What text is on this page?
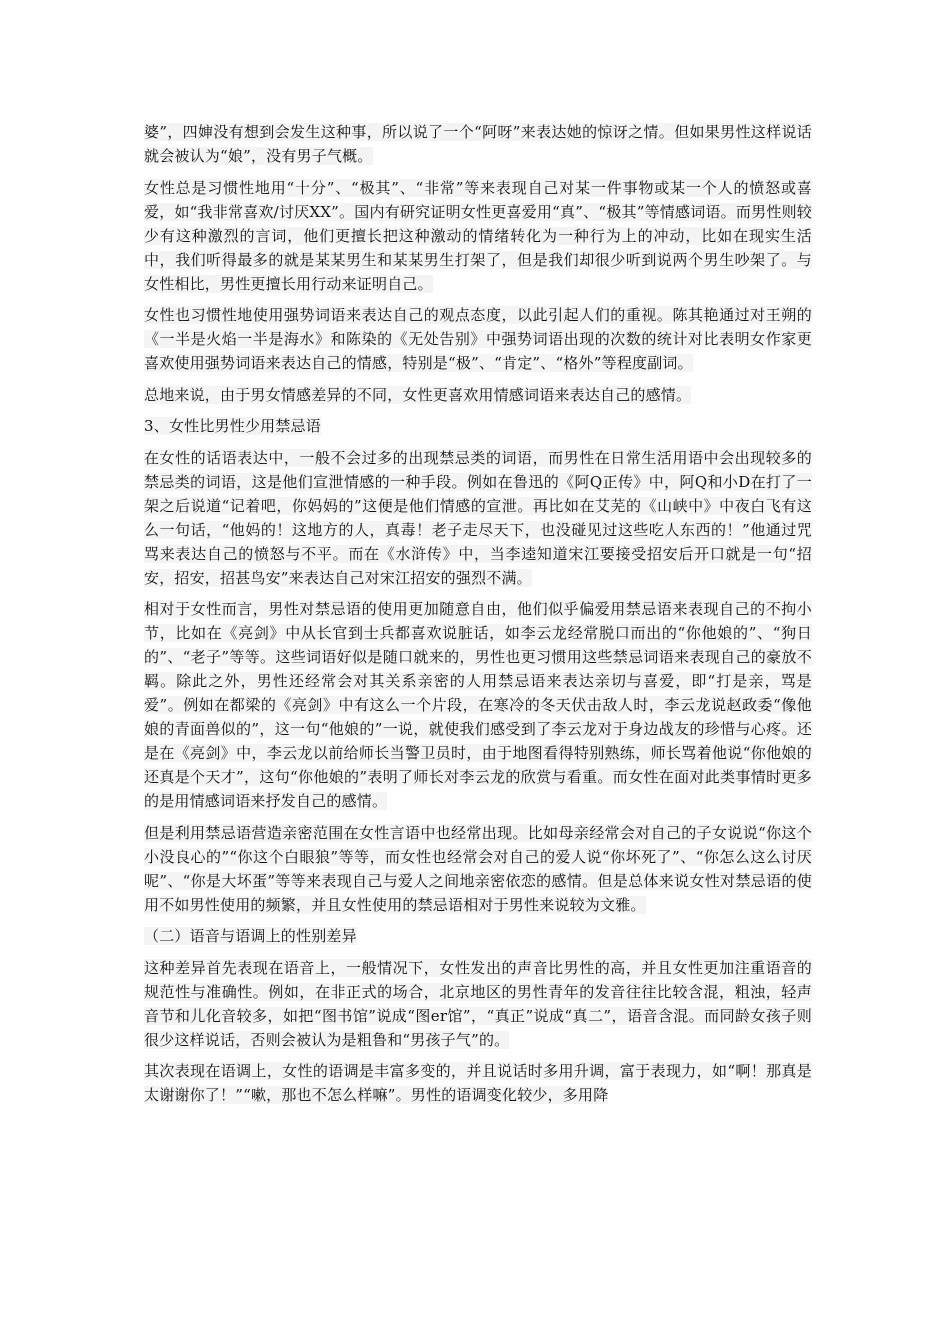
婆”，四婶没有想到会发生这种事，所以说了一个“阿呀”来表达她的惊讶之情。但如果男性这样说话就会被认为“娘”，没有男子气概。

女性总是习惯性地用“十分”、“极其”、“非常”等来表现自己对某一件事物或某一个人的愤怒或喜爱，如“我非常喜欢/讨厌XX”。国内有研究证明女性更喜爱用“真”、“极其”等情感词语。而男性则较少有这种激烈的言词，他们更擅长把这种激动的情绪转化为一种行为上的冲动，比如在现实生活中，我们听得最多的就是某某男生和某某男生打架了，但是我们却很少听到说两个男生吵架了。与女性相比，男性更擅长用行动来证明自己。

女性也习惯性地使用强势词语来表达自己的观点态度，以此引起人们的重视。陈其艳通过对王朔的《一半是火焰一半是海水》和陈染的《无处告别》中强势词语出现的次数的统计对比表明女作家更喜欢使用强势词语来表达自己的情感，特别是“极”、“肯定”、“格外”等程度副词。

总地来说，由于男女情感差异的不同，女性更喜欢用情感词语来表达自己的感情。

3、女性比男性少用禁忌语

在女性的话语表达中，一般不会过多的出现禁忌类的词语，而男性在日常生活用语中会出现较多的禁忌类的词语，这是他们宣泄情感的一种手段。例如在鲁迅的《阿Q正传》中，阿Q和小D在打了一架之后说道“记着吧，你妈妈的”这便是他们情感的宣泄。再比如在艾芜的《山峡中》中夜白飞有这么一句话，“他妈的！这地方的人，真毒！老子走尽天下，也没碰见过这些吃人东西的！”他通过咒骂来表达自己的愤怒与不平。而在《水浒传》中，当李逵知道宋江要接受招安后开口就是一句“招安，招安，招甚鸟安”来表达自己对宋江招安的强烈不满。

相对于女性而言，男性对禁忌语的使用更加随意自由，他们似乎偏爱用禁忌语来表现自己的不拘小节，比如在《亮剑》中从长官到士兵都喜欢说脏话，如李云龙经常脱口而出的“你他娘的”、“狗日的”、“老子”等等。这些词语好似是随口就来的，男性也更习惯用这些禁忌词语来表现自己的豪放不羁。除此之外，男性还经常会对其关系亲密的人用禁忌语来表达亲切与喜爱，即“打是亲，骂是爱”。例如在都梁的《亮剑》中有这么一个片段，在寒冷的冬天伏击敌人时，李云龙说赵政委“像他娘的青面兽似的”，这一句“他娘的”一说，就使我们感受到了李云龙对于身边战友的珍惜与心疼。还是在《亮剑》中，李云龙以前给师长当警卫员时，由于地图看得特别熟练，师长骂着他说“你他娘的还真是个天才”，这句“你他娘的”表明了师长对李云龙的欣赏与看重。而女性在面对此类事情时更多的是用情感词语来抒发自己的感情。

但是利用禁忌语营造亲密范围在女性言语中也经常出现。比如母亲经常会对自己的子女说说“你这个小没良心的”“你这个白眼狼”等等，而女性也经常会对自己的爱人说“你坏死了”、“你怎么这么讨厌呢”、“你是大坏蛋”等等来表现自己与爱人之间地亲密依恋的感情。但是总体来说女性对禁忌语的使用不如男性使用的频繁，并且女性使用的禁忌语相对于男性来说较为文雅。

（二）语音与语调上的性别差异

这种差异首先表现在语音上，一般情况下，女性发出的声音比男性的高，并且女性更加注重语音的规范性与准确性。例如，在非正式的场合，北京地区的男性青年的发音往往比较含混，粗浊，轻声音节和儿化音较多，如把“图书馆”说成“图er馆”，“真正”说成“真二”，语音含混。而同龄女孩子则很少这样说话，否则会被认为是粗鲁和“男孩子气”的。

其次表现在语调上，女性的语调是丰富多变的，并且说话时多用升调，富于表现力，如“啊！那真是太谢谢你了！”“嗽，那也不怎么样嘛”。男性的语调变化较少，多用降
